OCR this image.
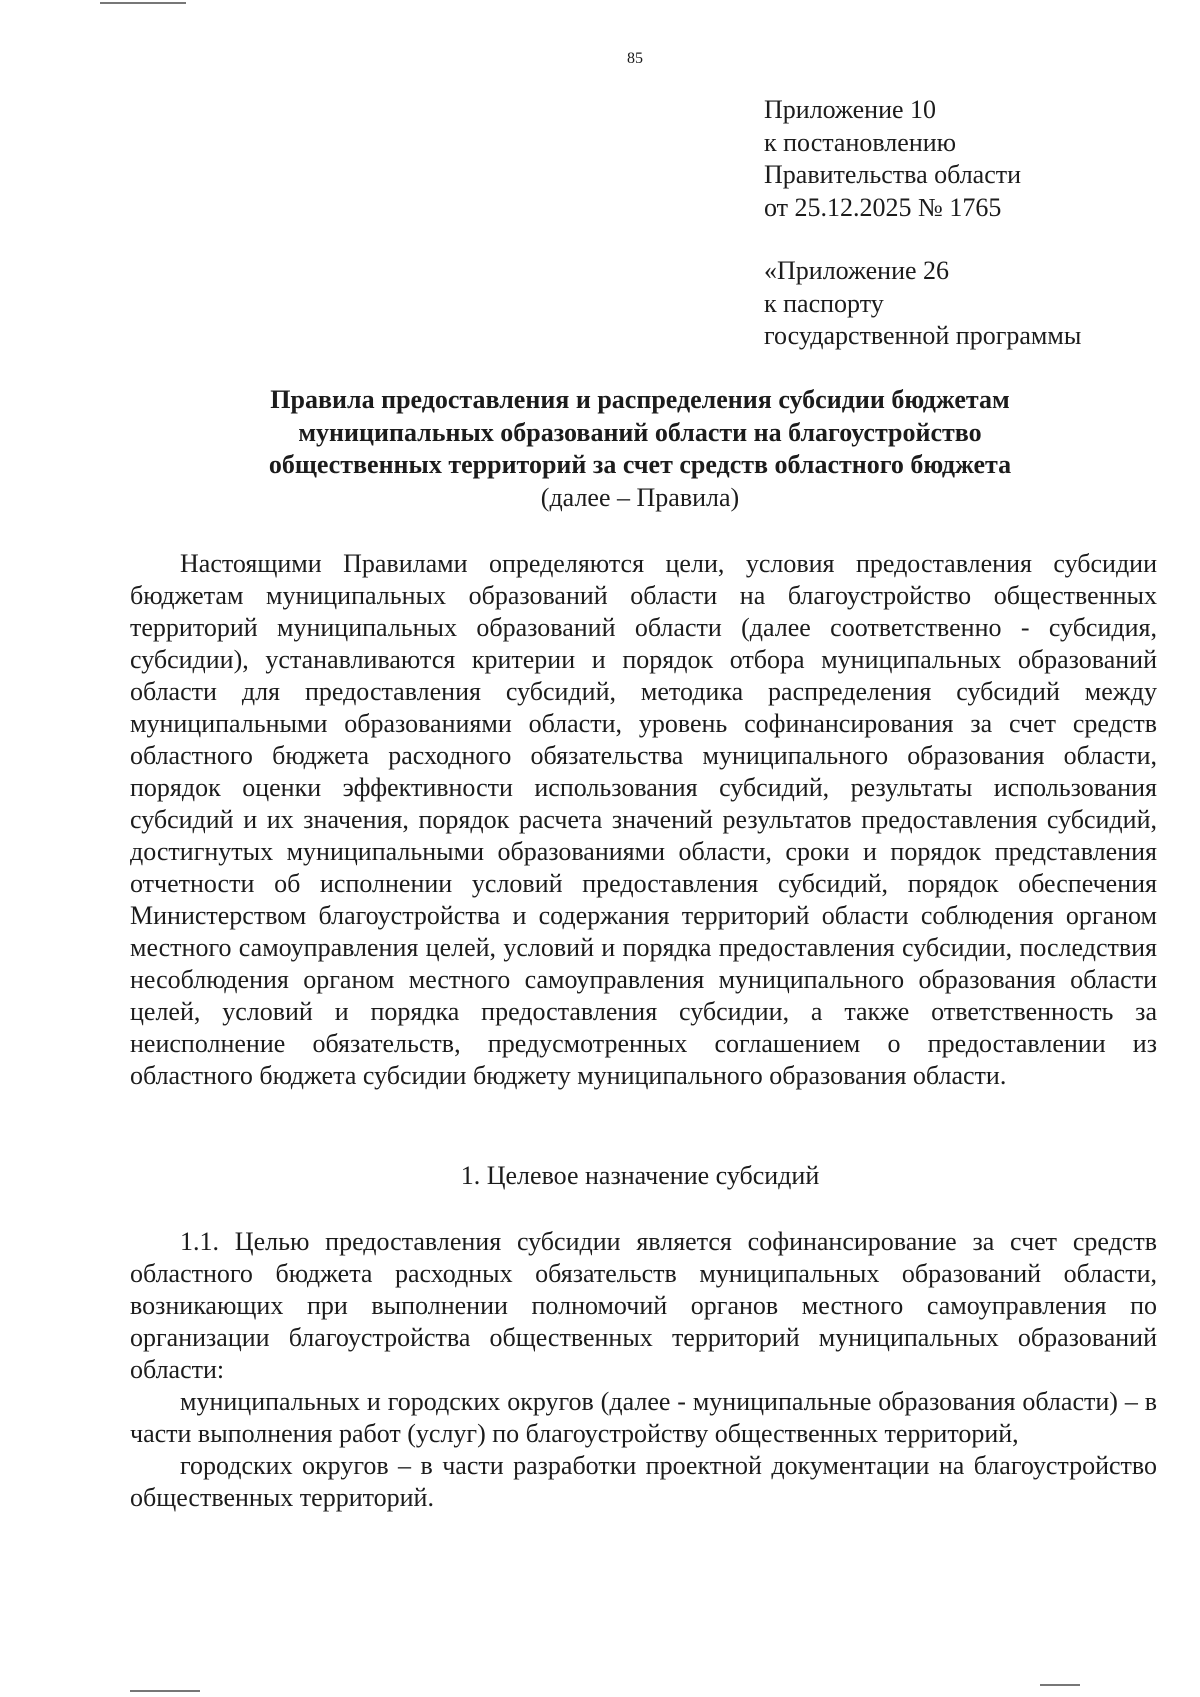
85
Приложение 10
к постановлению
Правительства области
от 25.12.2025 № 1765
«Приложение 26
к паспорту
государственной программы
Правила предоставления и распределения субсидии бюджетам
муниципальных образований области на благоустройство
общественных территорий за счет средств областного бюджета
(далее – Правила)

Настоящими Правилами определяются цели, условия предоставления субсидии бюджетам муниципальных образований области на благоустройство общественных территорий муниципальных образований области (далее соответственно - субсидия, субсидии), устанавливаются критерии и порядок отбора муниципальных образований области для предоставления субсидий, методика распределения субсидий между муниципальными образованиями области, уровень софинансирования за счет средств областного бюджета расходного обязательства муниципального образования области, порядок оценки эффективности использования субсидий, результаты использования субсидий и их значения, порядок расчета значений результатов предоставления субсидий, достигнутых муниципальными образованиями области, сроки и порядок представления отчетности об исполнении условий предоставления субсидий, порядок обеспечения Министерством благоустройства и содержания территорий области соблюдения органом местного самоуправления целей, условий и порядка предоставления субсидии, последствия несоблюдения органом местного самоуправления муниципального образования области целей, условий и порядка предоставления субсидии, а также ответственность за неисполнение обязательств, предусмотренных соглашением о предоставлении из областного бюджета субсидии бюджету муниципального образования области.

1. Целевое назначение субсидий

1.1. Целью предоставления субсидии является софинансирование за счет средств областного бюджета расходных обязательств муниципальных образований области, возникающих при выполнении полномочий органов местного самоуправления по организации благоустройства общественных территорий муниципальных образований области:

муниципальных и городских округов (далее - муниципальные образования области) – в части выполнения работ (услуг) по благоустройству общественных территорий,

городских округов – в части разработки проектной документации на благоустройство общественных территорий.
